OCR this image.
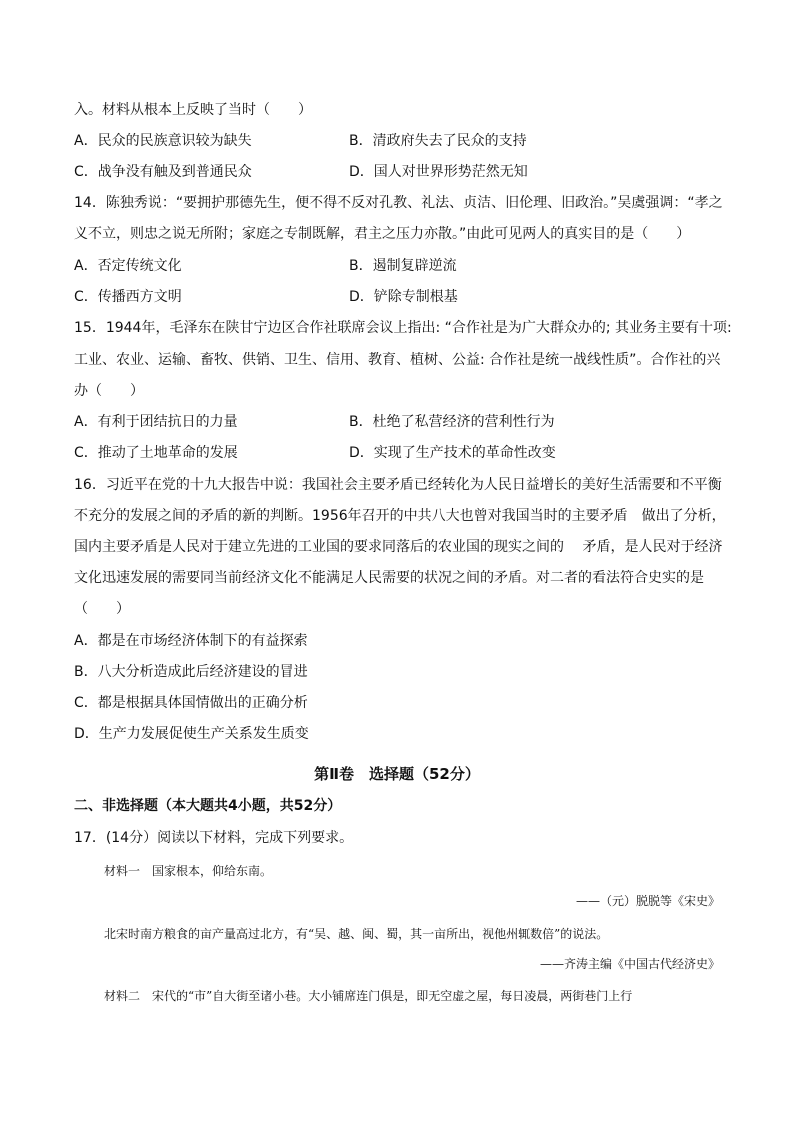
入。材料从根本上反映了当时（　　）
A．民众的民族意识较为缺失	B．清政府失去了民众的支持
C．战争没有触及到普通民众	D．国人对世界形势茫然无知
14．陈独秀说：“要拥护那德先生，便不得不反对孔教、礼法、贞洁、旧伦理、旧政治。”吴虞强调：“孝之
义不立，则忠之说无所附；家庭之专制既解，君主之压力亦散。”由此可见两人的真实目的是（　　）
A．否定传统文化	B．遏制复辟逆流
C．传播西方文明	D．铲除专制根基
15．1944年，毛泽东在陕甘宁边区合作社联席会议上指出: “合作社是为广大群众办的; 其业务主要有十项:
工业、农业、运输、畜牧、供销、卫生、信用、教育、植树、公益: 合作社是统一战线性质”。合作社的兴
办（　　）
A．有利于团结抗日的力量	B．杜绝了私营经济的营利性行为
C．推动了土地革命的发展	D．实现了生产技术的革命性改变
16．习近平在党的十九大报告中说：我国社会主要矛盾已经转化为人民日益增长的美好生活需要和不平衡
不充分的发展之间的矛盾的新的判断。1956年召开的中共八大也曾对我国当时的主要矛盾　做出了分析，
国内主要矛盾是人民对于建立先进的工业国的要求同落后的农业国的现实之间的　 矛盾，是人民对于经济
文化迅速发展的需要同当前经济文化不能满足人民需要的状况之间的矛盾。对二者的看法符合史实的是
（　　）
A．都是在市场经济体制下的有益探索
B．八大分析造成此后经济建设的冒进
C．都是根据具体国情做出的正确分析
D．生产力发展促使生产关系发生质变
第Ⅱ卷　选择题（52分）
二、非选择题（本大题共4小题，共52分）
17．(14分）阅读以下材料，完成下列要求。
材料一　国家根本，仰给东南。
——（元）脱脱等《宋史》
北宋时南方粮食的亩产量高过北方，有“吴、越、闽、蜀，其一亩所出，视他州辄数倍”的说法。
——齐涛主编《中国古代经济史》
材料二　宋代的“市”自大街至诸小巷。大小铺席连门俱是，即无空虚之屋，每日凌晨，两街巷门上行
